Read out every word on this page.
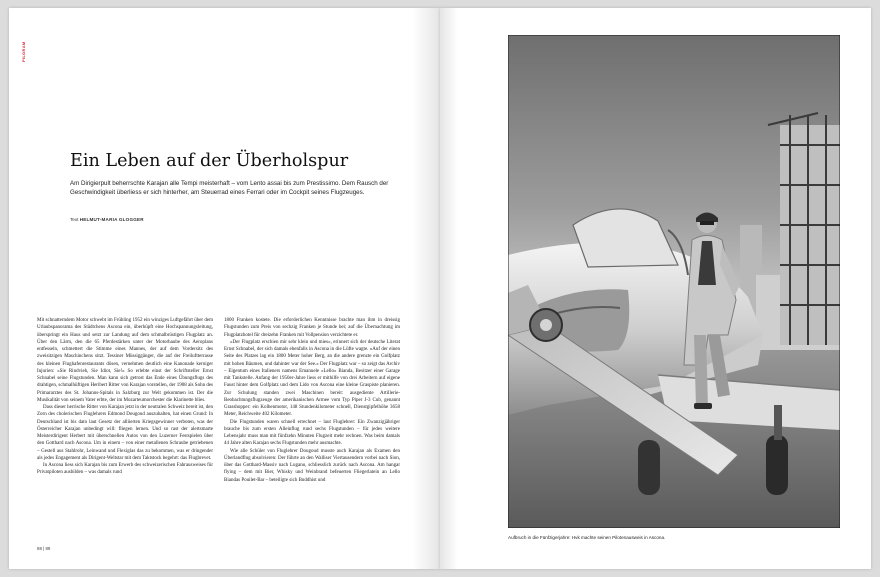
PILGRAM
Ein Leben auf der Überholspur

Am Dirigierpult beherrschte Karajan alle Tempi meisterhaft – vom Lento assai bis zum Prestissimo. Dem Rausch der Geschwindigkeit überliess er sich hinterher, am Steuerrad eines Ferrari oder im Cockpit seines Flugzeuges.

Text HELMUT-MARIA GLOGGER

Mit schnatterndem Motor schwebt im Frühling 1952 ein winziges Luftgefährt über dem Urlaubspanorama des Städtchens Ascona ein, überhüpft eine Hochspannungsleitung, überspringt ein Haus und setzt zur Landung auf dem schmalbrüstigen Flugplatz an. Über den Lärm, den die 65 Pferdestärken unter der Motorhaube des Aeroplans entfesseln, schmettert die Stimme eines Mannes, der auf dem Vordersitz des zweisitzigen Maschinchens sitzt. Tessiner Müssiggänger, die auf der Freiluftterrasse des kleinen Flughafenrestaurants dösen, vernehmen deutlich eine Kanonade kerniger Injurien: «Sie Rindvieh, Sie Idiot, Sie!» So erlebte einst der Schriftsteller Ernst Schnabel seine Flugstunden. Man kann sich getrost das Ende eines Übungsflugs des drahtigen, schmalhüftigen Heribert Ritter von Karajan vorstellen, der 1908 als Sohn des Primararztes des St. Johanns-Spitals in Salzburg zur Welt gekommen ist. Der die Musikalität von seinem Vater erbte, der im Mozarteumorchester die Klarinette blies.

Dass dieser herrische Ritter von Karajan jetzt in der neutralen Schweiz bereit ist, den Zorn des cholerischen Fluglehrers Edmond Dougoud auszuhalten, hat einen Grund: In Deutschland ist bis dato laut Gesetz der alliierten Kriegsgewinner verboten, was der Österreicher Karajan unbedingt will: fliegen lernen. Und so rast der alertsmarte Meisterdirigent Herbert mit überschnellen Autos von den Luzerner Festspielen über den Gotthard nach Ascona. Um in einem – von einer metallenen Schraube getriebenen – Gestell aus Stahlrohr, Leinwand und Flexiglas das zu bekommen, was er dringender als jedes Engagement als Dirigent-Weltstar mit dem Taktstock begehrt: das Flugbrevet.

In Ascona liess sich Karajan bis zum Erwerb des schweizerischen Fahrausweises für Privatpiloten ausbilden – was damals rund

1800 Franken kostete. Die erforderlichen Kenntnisse brachte man ihm in dreissig Flugstunden zum Preis von sechzig Franken je Stunde bei; auf die Übernachtung im Flugplatzhotel für dreizehn Franken mit Vollpension verzichtete er.

«Der Flugplatz erschien mir sehr klein und mies», erinnert sich der deutsche Literat Ernst Schnabel, der sich damals ebenfalls in Ascona in die Lüfte wagte. «Auf der einen Seite des Platzes lag ein 1800 Meter hoher Berg, an die andere grenzte ein Golfplatz mit hohen Bäumen, und dahinter war der See.» Der Flugplatz war – so zeigt das Archiv – Eigentum eines Italieners namens Emanuele «Lello» Bianda, Besitzer einer Garage mit Tankstelle. Anfang der 1950er-Jahre liess er mithilfe von drei Arbeitern auf eigene Faust hinter dem Golfplatz und dem Lido von Ascona eine kleine Graspiste planieren. Zur Schulung standen zwei Maschinen bereit: ausgediente Artillerie-Beobachtungsflugzeuge der amerikanischen Armee vom Typ Piper J-3 Cub, genannt Grasshopper: ein Kolbenmotor, 148 Stundenkilometer schnell, Dienstgipfelhöhe 3658 Meter, Reichweite 402 Kilometer.

Die Flugstunden waren schnell errechnet – laut Fluglehrer: Ein Zwanzigjähriger brauche bis zum ersten Alleinflug rund sechs Flugstunden – für jedes weitere Lebensjahr muss man mit fünfzehn Minuten Flugzeit mehr rechnen. Was beim damals 44 Jahre alten Karajan sechs Flugstunden mehr ausmachte.

Wie alle Schüler von Fluglehrer Dougoud musste auch Karajan als Examen den Überlandflug absolvieren: Der führte an den Walliser Viertausendern vorbei nach Sion, über das Gotthard-Massiv nach Lugano, schliesslich zurück nach Ascona. Am hangar flying – dem mit Bier, Whisky und Weinbrand befeuerten Fliegerlatein an Lello Biandas Pouilet-Bar – beteiligte sich Buddhist und

88 | 89
Aufbruch in die Fünfzigerjahre: Hvk machte seinen Pilotenausweis in Ascona.
